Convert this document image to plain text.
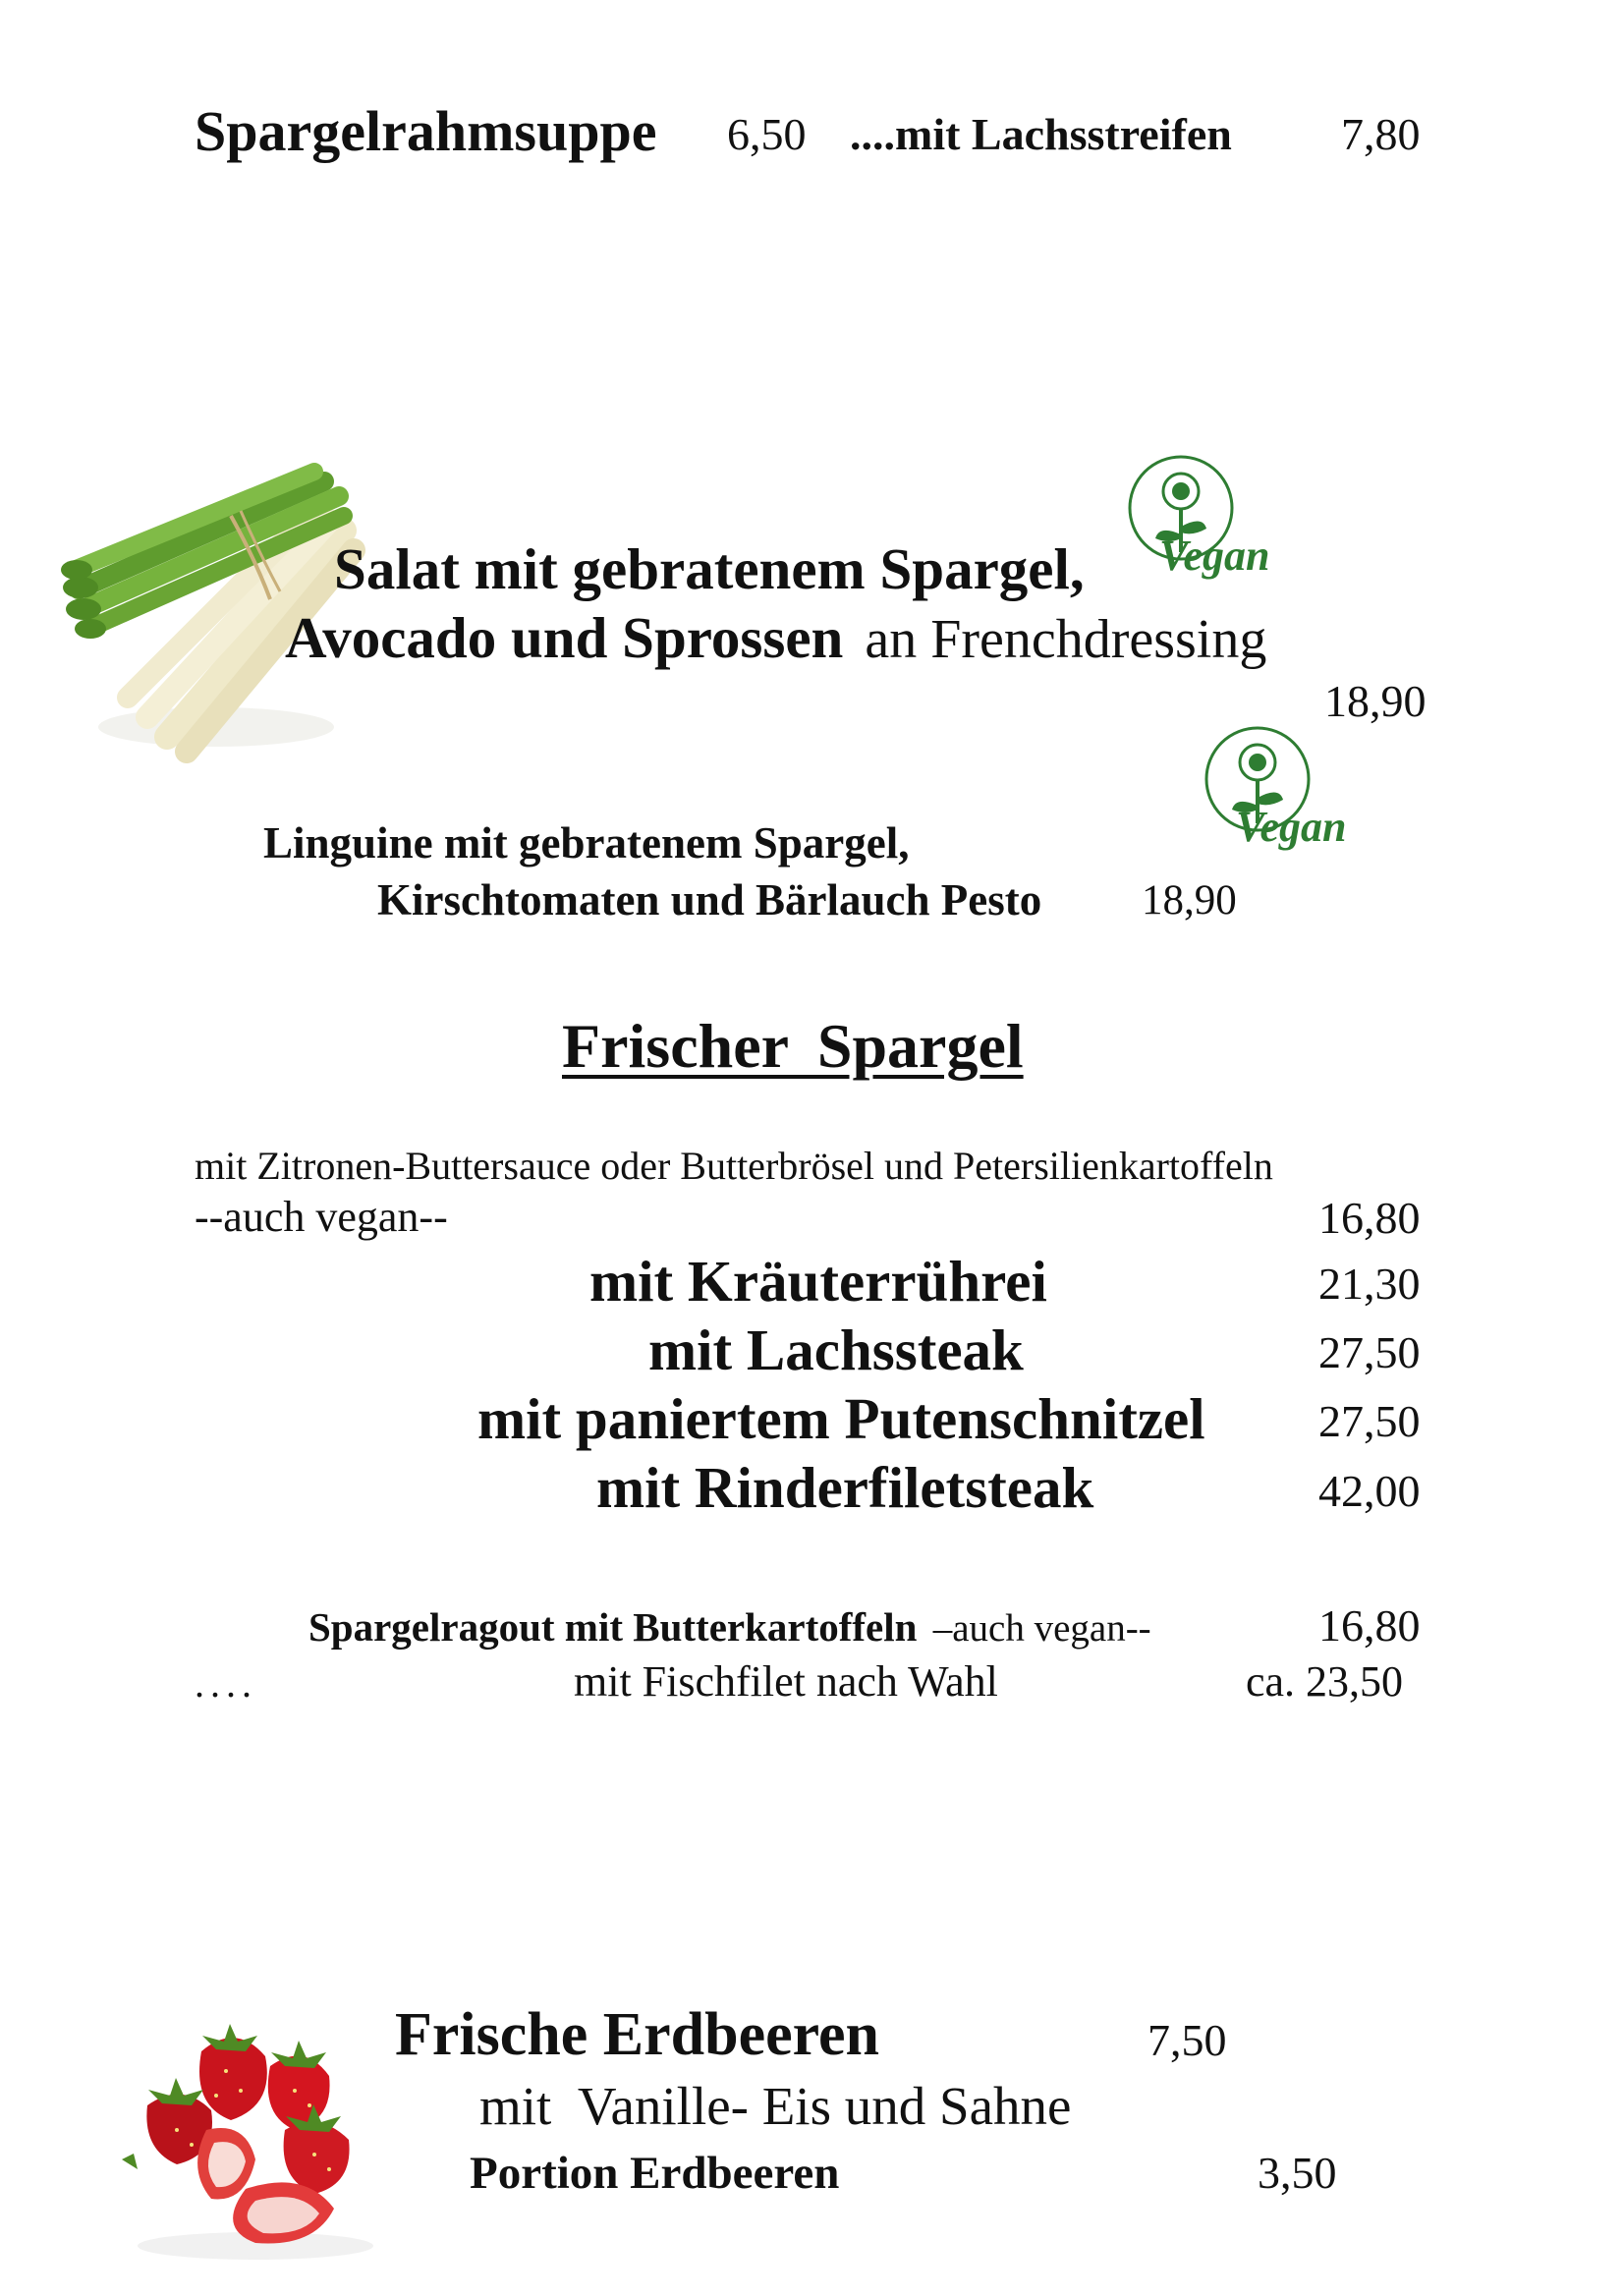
Spargelrahmsuppe 6,50 ....mit Lachsstreifen 7,80
Vegan
Vegan
Salat mit gebratenem Spargel,
Avocado und Sprossen an Frenchdressing
18,90
Linguine mit gebratenem Spargel,
Kirschtomaten und Bärlauch Pesto 18,90
Frischer Spargel
mit Zitronen-Buttersauce oder Butterbrösel und Petersilienkartoffeln
--auch vegan--	16,80
mit Kräuterrührei	21,30
mit Lachssteak	27,50
mit paniertem Putenschnitzel	27,50
mit Rinderfiletsteak	42,00
Spargelragout mit Butterkartoffeln –auch vegan--	16,80
....	mit Fischfilet nach Wahl	ca. 23,50
Frische Erdbeeren	7,50
mit  Vanille- Eis und Sahne
Portion Erdbeeren	3,50
